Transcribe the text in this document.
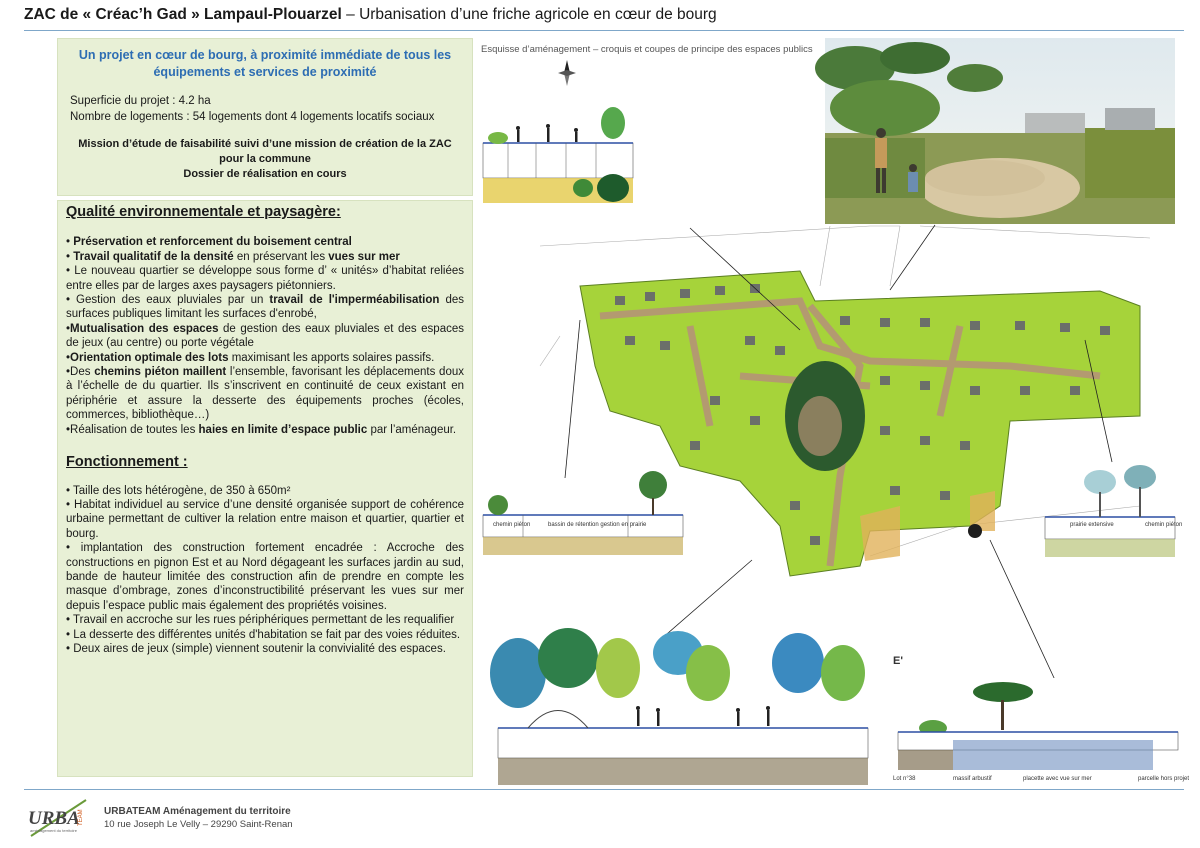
ZAC de « Créac’h Gad » Lampaul-Plouarzel – Urbanisation d’une friche agricole en cœur de bourg
Un projet en cœur de bourg, à proximité immédiate de tous les équipements et services de proximité
Superficie du projet : 4.2 ha
Nombre de logements : 54 logements dont 4 logements locatifs sociaux
Mission d’étude de faisabilité suivi d’une mission de création de la ZAC
pour la commune
Dossier de réalisation en cours
Qualité environnementale et paysagère:

• Préservation et renforcement du boisement central

• Travail qualitatif de la densité en préservant les vues sur mer

• Le nouveau quartier se développe sous forme d’ « unités» d’habitat reliées entre elles par de larges axes paysagers piétonniers.

• Gestion des eaux pluviales par un travail de l'imperméabilisation des surfaces publiques limitant les surfaces d'enrobé,

•Mutualisation des espaces de gestion des eaux pluviales et des espaces de jeux (au centre) ou porte végétale

•Orientation optimale des lots maximisant les apports solaires passifs.

•Des chemins piéton maillent l’ensemble, favorisant les déplacements doux à l’échelle de du quartier. Ils s’inscrivent en continuité de ceux existant en périphérie et assure la desserte des équipements proches (écoles, commerces, bibliothèque…)

•Réalisation de toutes les haies en limite d’espace public par l’aménageur.

Fonctionnement :

• Taille des lots hétérogène, de 350 à 650m²

• Habitat individuel au service d’une densité organisée support de cohérence urbaine permettant de cultiver la relation entre maison et quartier, quartier et bourg.

• implantation des construction fortement encadrée : Accroche des constructions en pignon Est et au Nord dégageant les surfaces jardin au sud, bande de hauteur limitée des construction afin de prendre en compte les masque d’ombrage, zones d’inconstructibilité préservant les vues sur mer depuis l’espace public mais également des propriétés voisines.

• Travail en accroche sur les rues périphériques permettant de les requalifier

• La desserte des différentes unités d'habitation se fait par des voies réduites.

• Deux aires de jeux (simple) viennent soutenir la convivialité des espaces.

Esquisse d’aménagement – croquis et coupes de principe des espaces publics
chemin piéton	bassin de rétention gestion en prairie	prairie extensive	chemin piéton
E'
Lot n°38	massif arbustif	placette avec vue sur mer	parcelle hors projet
URBA
TEAM
aménagement du territoire
URBATEAM Aménagement du territoire
10 rue Joseph Le Velly – 29290 Saint-Renan
